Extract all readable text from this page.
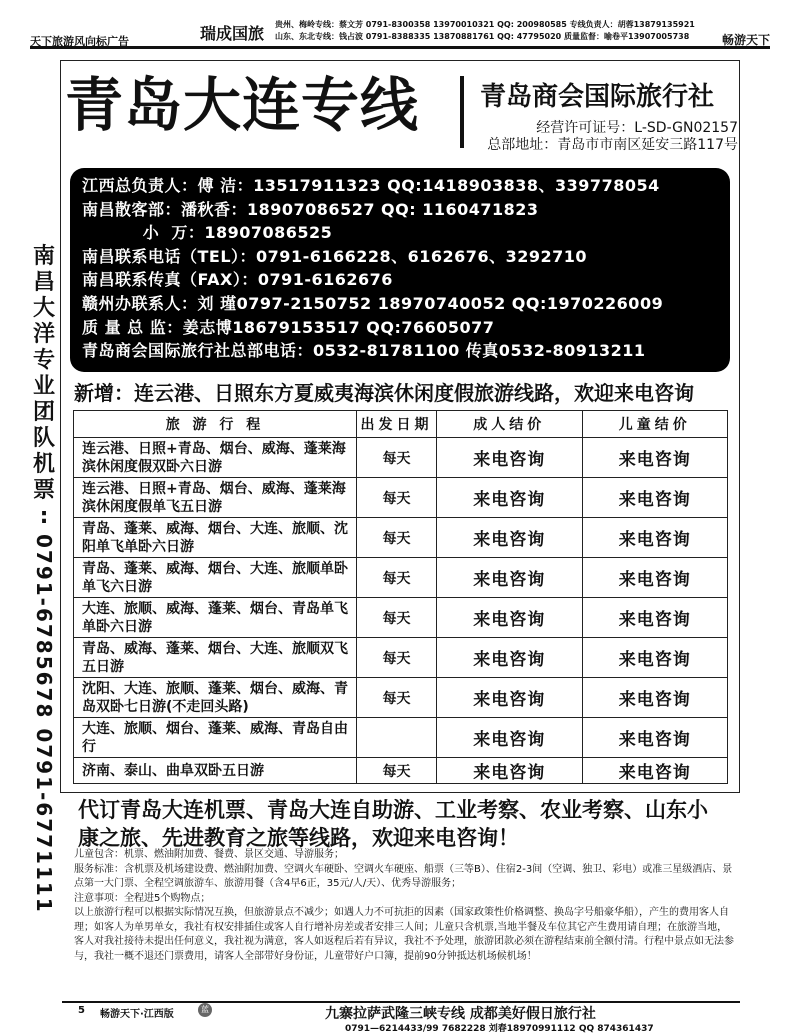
天下旅游风向标广告	瑞成国旅 贵州、梅岭专线：蔡文芳 0791-8300358 13970010321 QQ: 200980585 专线负责人：胡蓉13879135921
山东、东北专线：钱占波 0791-8388335 13870881761 QQ: 47795020 质量监督：喻卷平13907005738	畅游天下
南
昌
大
洋
专
业
团
队
机
票
:
0791-6785678 0791-6771111
青岛大连专线 青岛商会国际旅行社
经营许可证号：L-SD-GN02157
总部地址：青岛市市南区延安三路117号
江西总负责人：傅 洁：13517911323 QQ:1418903838、339778054
南昌散客部：潘秋香：18907086527 QQ: 1160471823
小  万：18907086525
南昌联系电话（TEL）：0791-6166228、6162676、3292710
南昌联系传真（FAX）：0791-6162676
赣州办联系人：刘 瑾0797-2150752 18970740052 QQ:1970226009
质 量 总 监：姜志博18679153517 QQ:76605077
青岛商会国际旅行社总部电话：0532-81781100 传真0532-80913211
新增：连云港、日照东方夏威夷海滨休闲度假旅游线路，欢迎来电咨询
旅 游 行 程	出发日期	成人结价	儿童结价
连云港、日照+青岛、烟台、威海、蓬莱海滨休闲度假双卧六日游	每天	来电咨询	来电咨询
连云港、日照+青岛、烟台、威海、蓬莱海滨休闲度假单飞五日游	每天	来电咨询	来电咨询
青岛、蓬莱、威海、烟台、大连、旅顺、沈阳单飞单卧六日游	每天	来电咨询	来电咨询
青岛、蓬莱、威海、烟台、大连、旅顺单卧单飞六日游	每天	来电咨询	来电咨询
大连、旅顺、威海、蓬莱、烟台、青岛单飞单卧六日游	每天	来电咨询	来电咨询
青岛、威海、蓬莱、烟台、大连、旅顺双飞五日游	每天	来电咨询	来电咨询
沈阳、大连、旅顺、蓬莱、烟台、威海、青岛双卧七日游(不走回头路)	每天	来电咨询	来电咨询
大连、旅顺、烟台、蓬莱、威海、青岛自由行		来电咨询	来电咨询
济南、泰山、曲阜双卧五日游	每天	来电咨询	来电咨询
代订青岛大连机票、青岛大连自助游、工业考察、农业考察、山东小康之旅、先进教育之旅等线路，欢迎来电咨询！
儿童包含：机票、燃油附加费、餐费、景区交通、导游服务；
服务标准：含机票及机场建设费、燃油附加费、空调火车硬卧、空调火车硬座、船票（三等B）、住宿2-3间（空调、独卫、彩电）或准三星级酒店、景点第一大门票、全程空调旅游车、旅游用餐（含4早6正，35元/人/天）、优秀导游服务；
注意事项：全程进5个购物点；
以上旅游行程可以根据实际情况互换，但旅游景点不减少；如遇人力不可抗拒的因素（国家政策性价格调整、换岛字号船豪华船），产生的费用客人自理；如客人为单男单女，我社有权安排插住或客人自行增补房差或者安排三人间；儿童只含机票,当地半餐及车位其它产生费用请自理；在旅游当地，客人对我社接待未提出任何意义，我社视为满意，客人如返程后若有异议，我社不予处理，旅游团款必须在游程结束前全额付清。行程中景点如无法参与，我社一概不退还门票费用，请客人全部带好身份证，儿童带好户口簿，提前90分钟抵达机场候机场！
5 畅游天下·江西版	蓝	九寨拉萨武隆三峡专线 成都美好假日旅行社
0791—6214433/99 7682228 刘春18970991112 QQ 874361437
